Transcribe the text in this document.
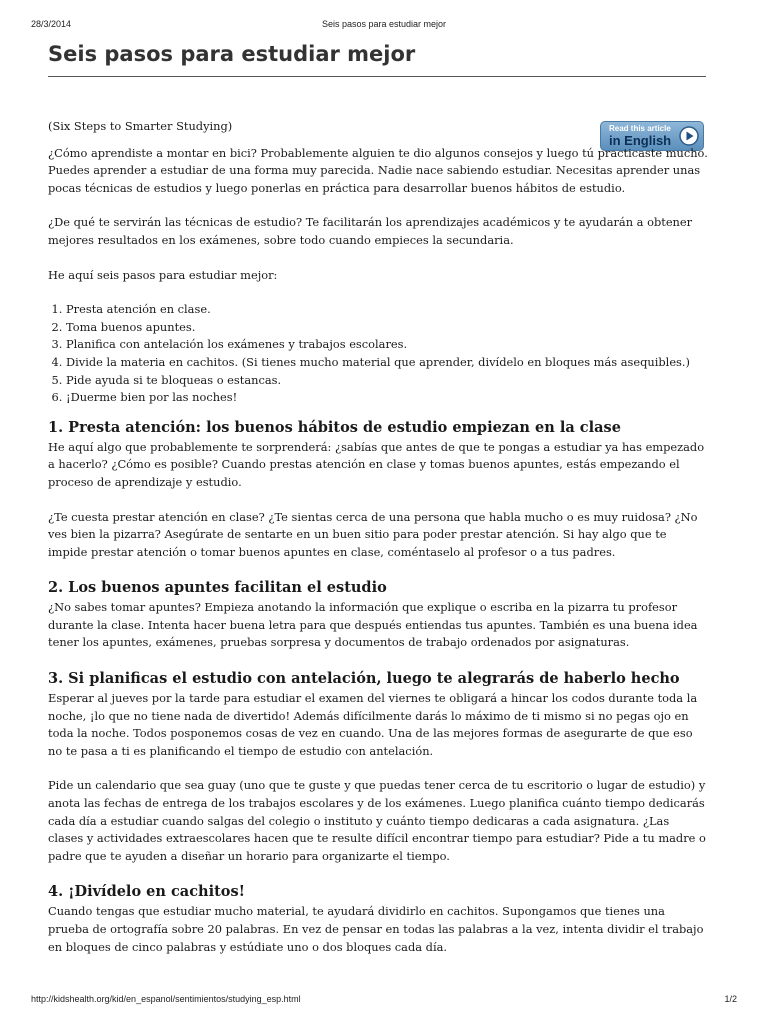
28/3/2014	Seis pasos para estudiar mejor
Seis pasos para estudiar mejor
Read this article
in English

(Six Steps to Smarter Studying)

¿Cómo aprendiste a montar en bici? Probablemente alguien te dio algunos consejos y luego tú practicaste mucho. Puedes aprender a estudiar de una forma muy parecida. Nadie nace sabiendo estudiar. Necesitas aprender unas pocas técnicas de estudios y luego ponerlas en práctica para desarrollar buenos hábitos de estudio.

¿De qué te servirán las técnicas de estudio? Te facilitarán los aprendizajes académicos y te ayudarán a obtener mejores resultados en los exámenes, sobre todo cuando empieces la secundaria.

He aquí seis pasos para estudiar mejor:

1. Presta atención en clase.
2. Toma buenos apuntes.
3. Planifica con antelación los exámenes y trabajos escolares.
4. Divide la materia en cachitos. (Si tienes mucho material que aprender, divídelo en bloques más asequibles.)
5. Pide ayuda si te bloqueas o estancas.
6. ¡Duerme bien por las noches!
1. Presta atención: los buenos hábitos de estudio empiezan en la clase

He aquí algo que probablemente te sorprenderá: ¿sabías que antes de que te pongas a estudiar ya has empezado a hacerlo? ¿Cómo es posible? Cuando prestas atención en clase y tomas buenos apuntes, estás empezando el proceso de aprendizaje y estudio.

¿Te cuesta prestar atención en clase? ¿Te sientas cerca de una persona que habla mucho o es muy ruidosa? ¿No ves bien la pizarra? Asegúrate de sentarte en un buen sitio para poder prestar atención. Si hay algo que te impide prestar atención o tomar buenos apuntes en clase, coméntaselo al profesor o a tus padres.

2. Los buenos apuntes facilitan el estudio

¿No sabes tomar apuntes? Empieza anotando la información que explique o escriba en la pizarra tu profesor durante la clase. Intenta hacer buena letra para que después entiendas tus apuntes. También es una buena idea tener los apuntes, exámenes, pruebas sorpresa y documentos de trabajo ordenados por asignaturas.

3. Si planificas el estudio con antelación, luego te alegrarás de haberlo hecho

Esperar al jueves por la tarde para estudiar el examen del viernes te obligará a hincar los codos durante toda la noche, ¡lo que no tiene nada de divertido! Además difícilmente darás lo máximo de ti mismo si no pegas ojo en toda la noche. Todos posponemos cosas de vez en cuando. Una de las mejores formas de asegurarte de que eso no te pasa a ti es planificando el tiempo de estudio con antelación.

Pide un calendario que sea guay (uno que te guste y que puedas tener cerca de tu escritorio o lugar de estudio) y anota las fechas de entrega de los trabajos escolares y de los exámenes. Luego planifica cuánto tiempo dedicarás cada día a estudiar cuando salgas del colegio o instituto y cuánto tiempo dedicaras a cada asignatura. ¿Las clases y actividades extraescolares hacen que te resulte difícil encontrar tiempo para estudiar? Pide a tu madre o padre que te ayuden a diseñar un horario para organizarte el tiempo.

4. ¡Divídelo en cachitos!

Cuando tengas que estudiar mucho material, te ayudará dividirlo en cachitos. Supongamos que tienes una prueba de ortografía sobre 20 palabras. En vez de pensar en todas las palabras a la vez, intenta dividir el trabajo en bloques de cinco palabras y estúdiate uno o dos bloques cada día.

http://kidshealth.org/kid/en_espanol/sentimientos/studying_esp.html	1/2
